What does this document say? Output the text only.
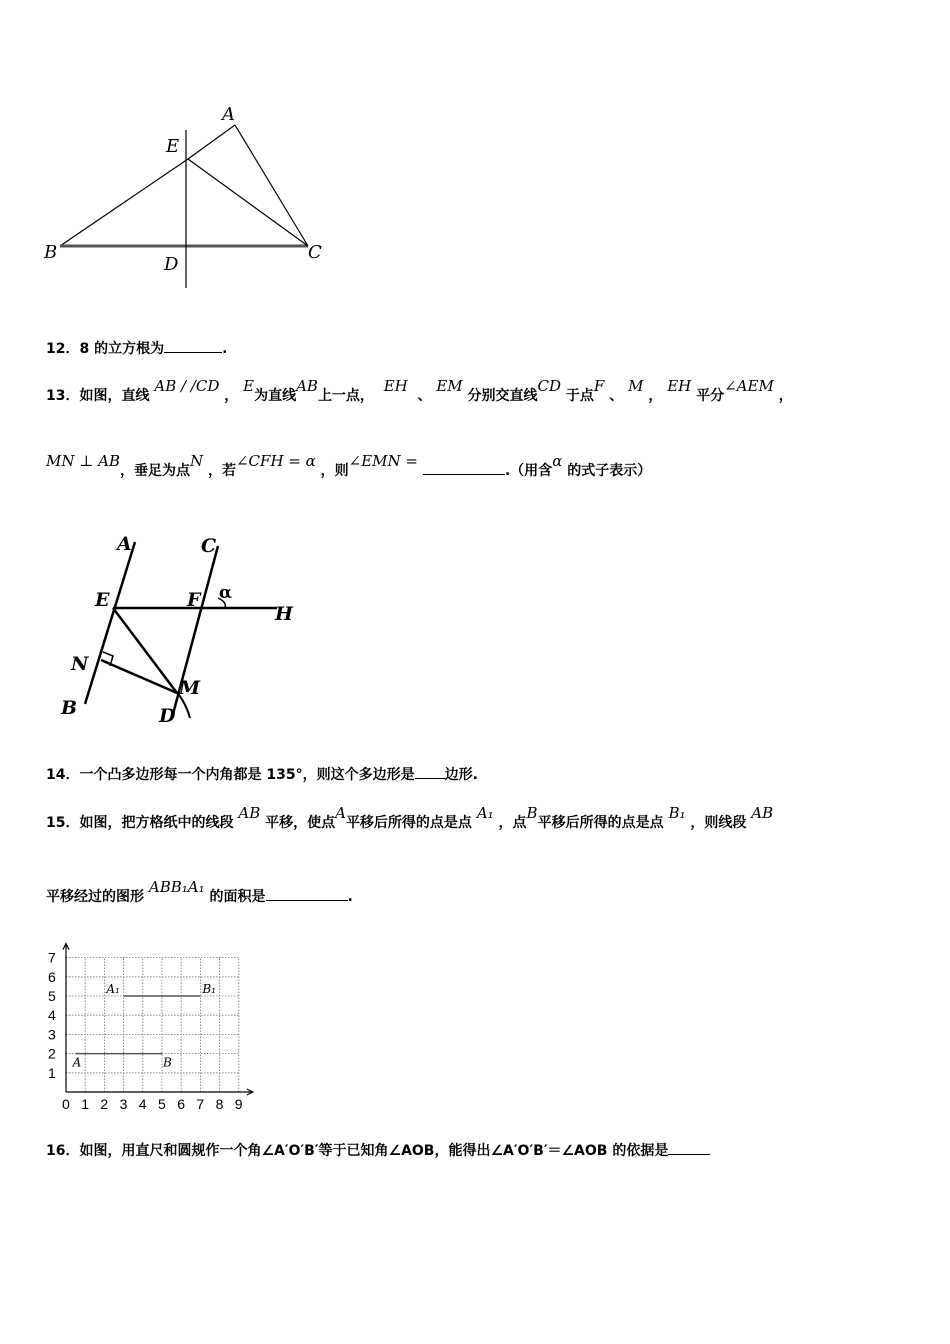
A
E
B
D
C
12．8 的立方根为	.
13．如图，直线 AB / /CD ， E为直线AB上一点，  EH  、 EM 分别交直线CD 于点F 、 M ， EH 平分∠AEM ，
MN ⊥ AB，垂足为点N ，若∠CFH = α ，则∠EMN = .（用含α 的式子表示）
A	C
E	F α
H
N
M
B	D
14．一个凸多边形每一个内角都是 135°，则这个多边形是 边形.
15．如图，把方格纸中的线段 AB 平移，使点A平移后所得的点是点 A₁ ，点B平移后所得的点是点 B₁ ，则线段 AB
平移经过的图形 ABB₁A₁ 的面积是	.
0 1 2 3 4 5 6 7 8 9
1
2
3
4
5
6
7
A	B
A₁	B₁
16．如图，用直尺和圆规作一个角∠A′O′B′等于已知角∠AOB，能得出∠A′O′B′＝∠AOB 的依据是
